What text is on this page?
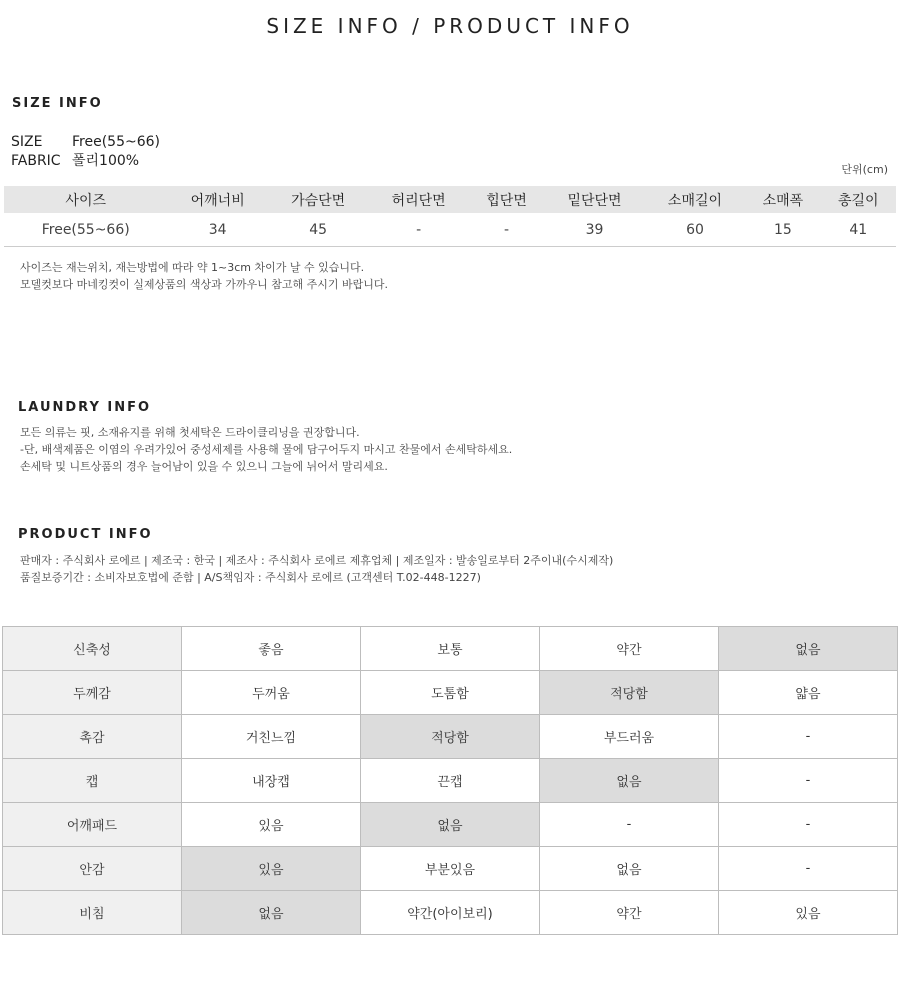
SIZE INFO / PRODUCT INFO
SIZE INFO
SIZE Free(55~66)
FABRIC 폴리100%
단위(cm)
사이즈	어깨너비	가슴단면	허리단면	힙단면	밑단단면	소매길이	소매폭	총길이
Free(55~66)	34	45	-	-	39	60	15	41
사이즈는 재는위치, 재는방법에 따라 약 1~3cm 차이가 날 수 있습니다.
모델컷보다 마네킹컷이 실제상품의 색상과 가까우니 참고해 주시기 바랍니다.
LAUNDRY INFO
모든 의류는 핏, 소재유지를 위해 첫세탁은 드라이클리닝을 권장합니다.
-단, 배색제품은 이염의 우려가있어 중성세제를 사용해 물에 담구어두지 마시고 찬물에서 손세탁하세요.
손세탁 및 니트상품의 경우 늘어남이 있을 수 있으니 그늘에 뉘어서 말리세요.
PRODUCT INFO
판매자 : 주식회사 로에르 | 제조국 : 한국 | 제조사 : 주식회사 로에르 제휴업체 | 제조일자 : 발송일로부터 2주이내(수시제작)
품질보증기간 : 소비자보호법에 준함 | A/S책임자 : 주식회사 로에르 (고객센터 T.02-448-1227)
신축성	좋음	보통	약간	없음
두께감	두꺼움	도톰함	적당함	얇음
촉감	거친느낌	적당함	부드러움	-
캡	내장캡	끈캡	없음	-
어깨패드	있음	없음	-	-
안감	있음	부분있음	없음	-
비침	없음	약간(아이보리)	약간	있음
